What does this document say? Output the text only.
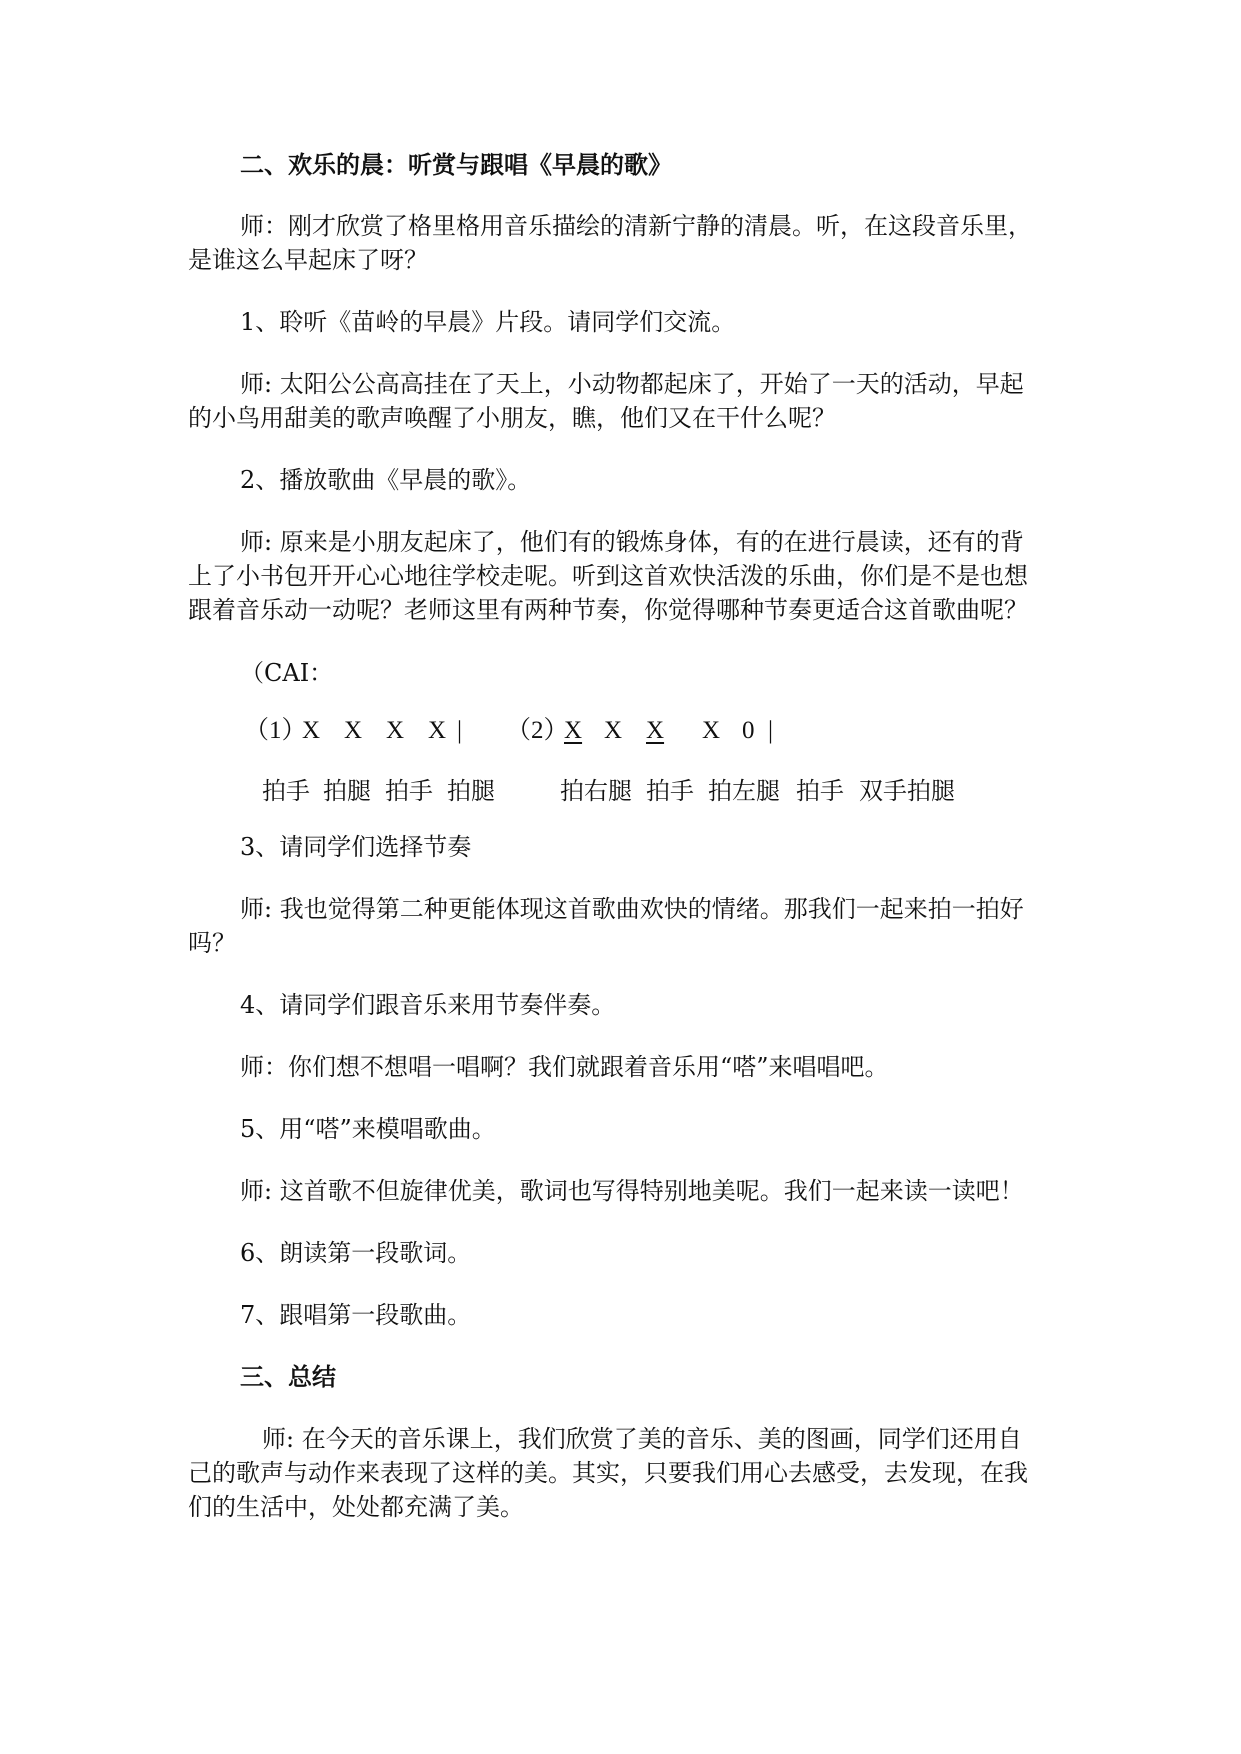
二、欢乐的晨：听赏与跟唱《早晨的歌》
师：刚才欣赏了格里格用音乐描绘的清新宁静的清晨。听，在这段音乐里，
是谁这么早起床了呀？
1、聆听《苗岭的早晨》片段。请同学们交流。
师: 太阳公公高高挂在了天上，小动物都起床了，开始了一天的活动，早起
的小鸟用甜美的歌声唤醒了小朋友，瞧，他们又在干什么呢？
2、播放歌曲《早晨的歌》。
师: 原来是小朋友起床了，他们有的锻炼身体，有的在进行晨读，还有的背
上了小书包开开心心地往学校走呢。听到这首欢快活泼的乐曲，你们是不是也想
跟着音乐动一动呢？老师这里有两种节奏，你觉得哪种节奏更适合这首歌曲呢？
（CAI：
（1）
X X X X | （2）
X X X X 0 |
拍手 拍腿 拍手 拍腿	拍右腿 拍手 拍左腿 拍手 双手拍腿
3、请同学们选择节奏
师: 我也觉得第二种更能体现这首歌曲欢快的情绪。那我们一起来拍一拍好
吗？
4、请同学们跟音乐来用节奏伴奏。
师：你们想不想唱一唱啊？我们就跟着音乐用“嗒”来唱唱吧。
5、用“嗒”来模唱歌曲。
师: 这首歌不但旋律优美，歌词也写得特别地美呢。我们一起来读一读吧！
6、朗读第一段歌词。
7、跟唱第一段歌曲。
三、总结
师: 在今天的音乐课上，我们欣赏了美的音乐、美的图画，同学们还用自
己的歌声与动作来表现了这样的美。其实，只要我们用心去感受，去发现，在我
们的生活中，处处都充满了美。
